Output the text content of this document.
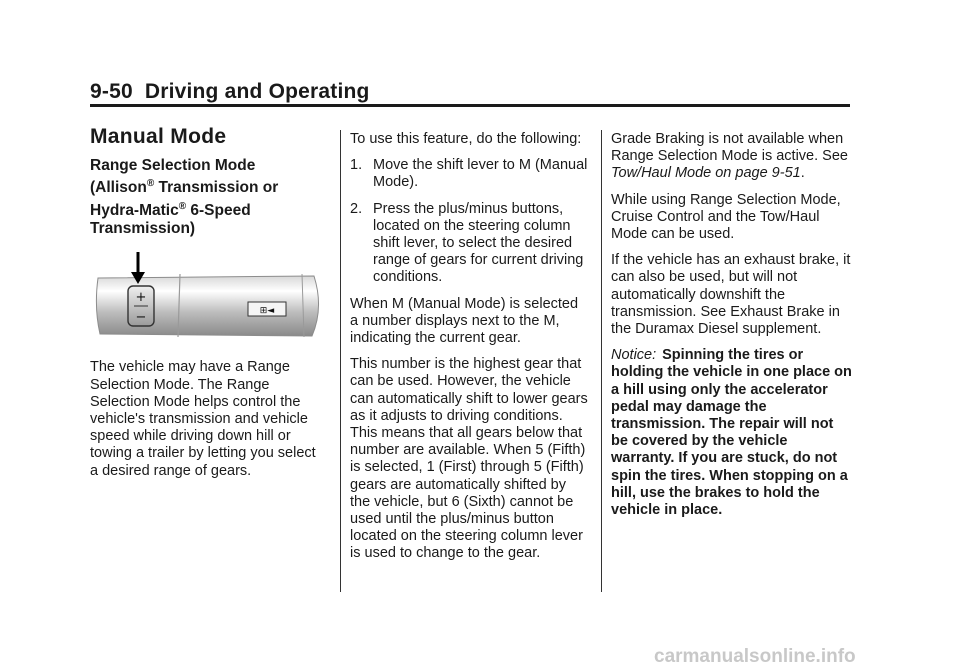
9-50 Driving and Operating
Manual Mode
Range Selection Mode (Allison® Transmission or Hydra-Matic® 6-Speed Transmission)
+
−	⊞◄

The vehicle may have a Range Selection Mode. The Range Selection Mode helps control the vehicle's transmission and vehicle speed while driving down hill or towing a trailer by letting you select a desired range of gears.

To use this feature, do the following:

1. Move the shift lever to M (Manual Mode).
2. Press the plus/minus buttons, located on the steering column shift lever, to select the desired range of gears for current driving conditions.

When M (Manual Mode) is selected a number displays next to the M, indicating the current gear.

This number is the highest gear that can be used. However, the vehicle can automatically shift to lower gears as it adjusts to driving conditions. This means that all gears below that number are available. When 5 (Fifth) is selected, 1 (First) through 5 (Fifth) gears are automatically shifted by the vehicle, but 6 (Sixth) cannot be used until the plus/minus button located on the steering column lever is used to change to the gear.

Grade Braking is not available when Range Selection Mode is active. See Tow/Haul Mode on page 9-51.

While using Range Selection Mode, Cruise Control and the Tow/Haul Mode can be used.

If the vehicle has an exhaust brake, it can also be used, but will not automatically downshift the transmission. See Exhaust Brake in the Duramax Diesel supplement.

Notice: Spinning the tires or holding the vehicle in one place on a hill using only the accelerator pedal may damage the transmission. The repair will not be covered by the vehicle warranty. If you are stuck, do not spin the tires. When stopping on a hill, use the brakes to hold the vehicle in place.

carmanualsonline.info
